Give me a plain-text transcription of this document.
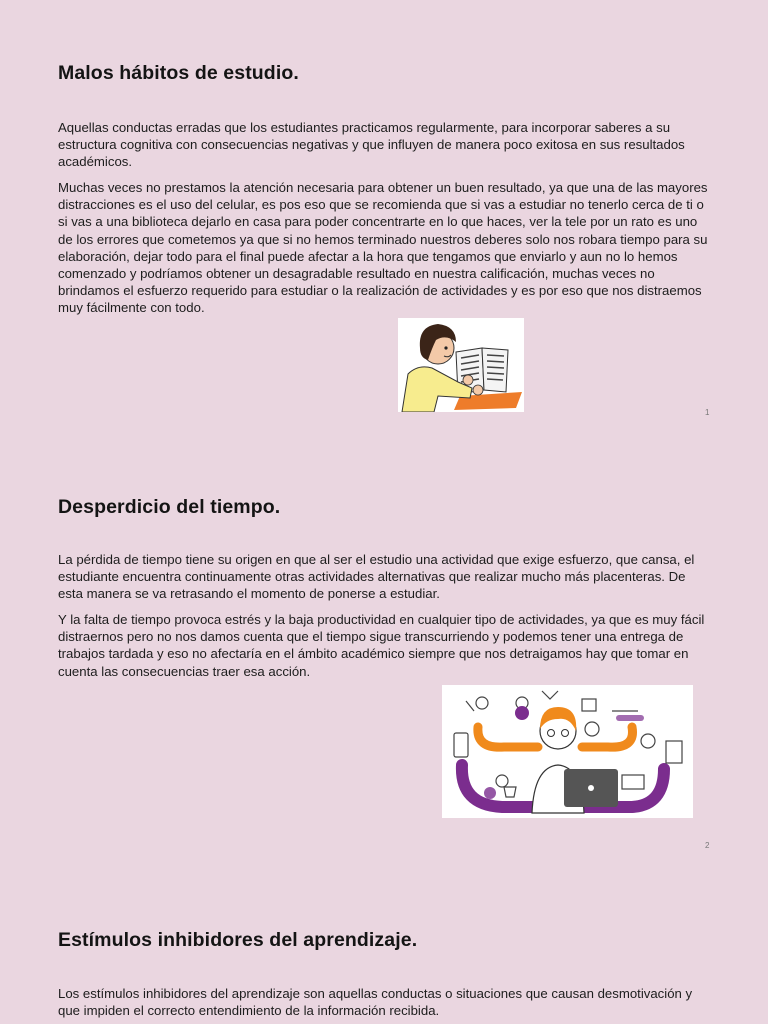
Malos hábitos de estudio.

Aquellas conductas erradas que los estudiantes practicamos regularmente, para incorporar saberes a su estructura cognitiva con consecuencias negativas y que influyen de manera poco exitosa en sus resultados académicos.

Muchas veces no prestamos la atención necesaria para obtener un buen resultado, ya que una de las mayores distracciones es el uso del celular, es pos eso que se recomienda que si vas a estudiar no tenerlo cerca de ti o si vas a una biblioteca dejarlo en casa para poder concentrarte en lo que haces, ver la tele por un rato es uno de los errores que cometemos ya que si no hemos terminado nuestros deberes solo nos robara tiempo para su elaboración, dejar todo para el final puede afectar a la hora que tengamos que enviarlo y aun no lo hemos comenzado y podríamos obtener un desagradable resultado en nuestra calificación, muchas veces no brindamos el esfuerzo requerido para estudiar o la realización de actividades y es por eso que nos distraemos muy fácilmente con todo.

1
Desperdicio del tiempo.

La pérdida de tiempo tiene su origen en que al ser el estudio una actividad que exige esfuerzo, que cansa, el estudiante encuentra continuamente otras actividades alternativas que realizar mucho más placenteras. De esta manera se va retrasando el momento de ponerse a estudiar.

Y la falta de tiempo provoca estrés y la baja productividad en cualquier tipo de actividades, ya que es muy fácil distraernos pero no nos damos cuenta que el tiempo sigue transcurriendo y podemos tener una entrega de trabajos tardada y eso no afectaría en el ámbito académico siempre que nos detraigamos hay que tomar en cuenta las consecuencias traer esa acción.

2
Estímulos inhibidores del aprendizaje.

Los estímulos inhibidores del aprendizaje son aquellas conductas o situaciones que causan desmotivación y que impiden el correcto entendimiento de la información recibida.
